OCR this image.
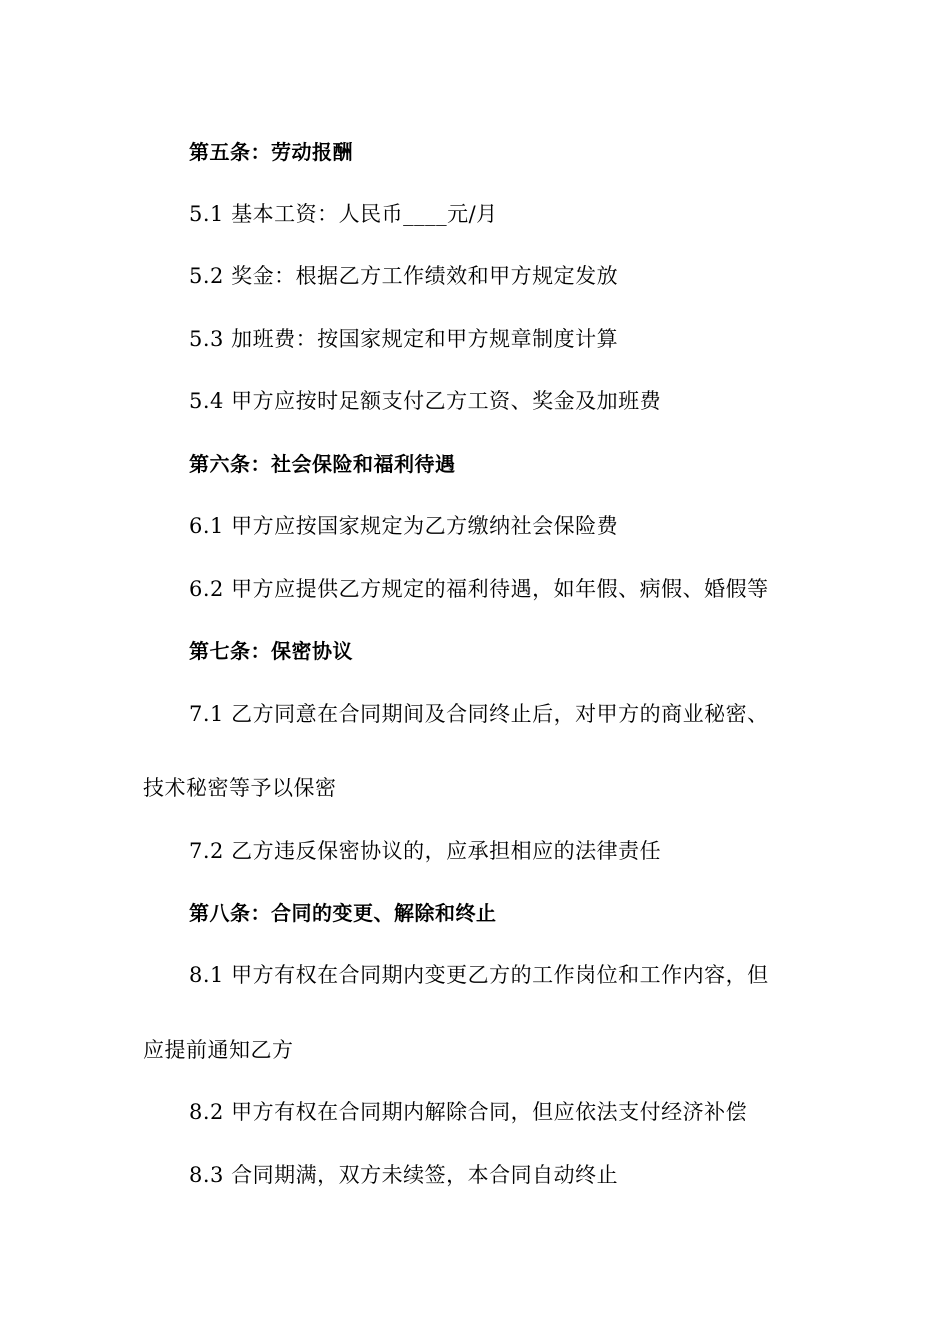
第五条：劳动报酬
5.1 基本工资：人民币____元/月
5.2 奖金：根据乙方工作绩效和甲方规定发放
5.3 加班费：按国家规定和甲方规章制度计算
5.4 甲方应按时足额支付乙方工资、奖金及加班费
第六条：社会保险和福利待遇
6.1 甲方应按国家规定为乙方缴纳社会保险费
6.2 甲方应提供乙方规定的福利待遇，如年假、病假、婚假等
第七条：保密协议
7.1 乙方同意在合同期间及合同终止后，对甲方的商业秘密、
技术秘密等予以保密
7.2 乙方违反保密协议的，应承担相应的法律责任
第八条：合同的变更、解除和终止
8.1 甲方有权在合同期内变更乙方的工作岗位和工作内容，但
应提前通知乙方
8.2 甲方有权在合同期内解除合同，但应依法支付经济补偿
8.3 合同期满，双方未续签，本合同自动终止
